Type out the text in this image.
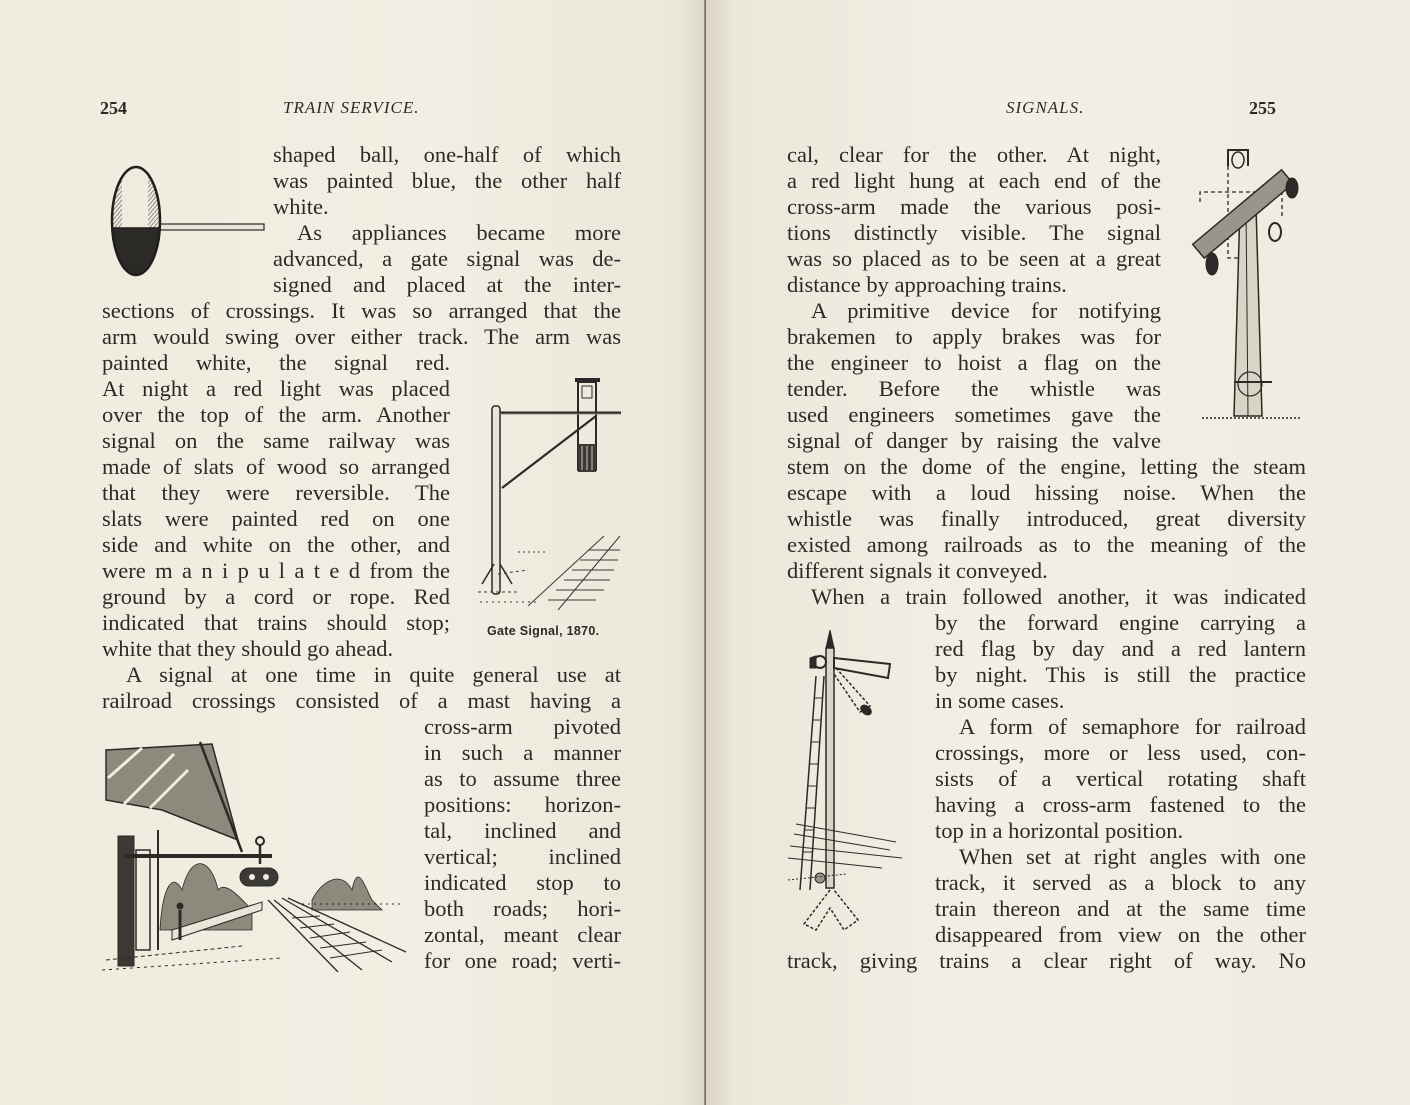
254	TRAIN SERVICE.
shaped ball, one-half of which
was painted blue, the other half
white.
As appliances became more
advanced, a gate signal was de-
signed and placed at the inter-
sections of crossings. It was so arranged that the
arm would swing over either track. The arm was
painted white, the signal red.
At night a red light was placed
over the top of the arm. Another
signal on the same railway was
made of slats of wood so arranged
that they were reversible. The
slats were painted red on one
side and white on the other, and
were m a n i p u l a t e d from the
ground by a cord or rope. Red
indicated that trains should stop;
white that they should go ahead.
A signal at one time in quite general use at
railroad crossings consisted of a mast having a
cross-arm pivoted
in such a manner
as to assume three
positions: horizon-
tal, inclined and
vertical; inclined
indicated stop to
both roads; hori-
zontal, meant clear
for one road; verti-
Gate Signal, 1870.
SIGNALS.	255
cal, clear for the other. At night,
a red light hung at each end of the
cross-arm made the various posi-
tions distinctly visible. The signal
was so placed as to be seen at a great
distance by approaching trains.
A primitive device for notifying
brakemen to apply brakes was for
the engineer to hoist a flag on the
tender. Before the whistle was
used engineers sometimes gave the
signal of danger by raising the valve
stem on the dome of the engine, letting the steam
escape with a loud hissing noise. When the
whistle was finally introduced, great diversity
existed among railroads as to the meaning of the
different signals it conveyed.
When a train followed another, it was indicated
by the forward engine carrying a
red flag by day and a red lantern
by night. This is still the practice
in some cases.
A form of semaphore for railroad
crossings, more or less used, con-
sists of a vertical rotating shaft
having a cross-arm fastened to the
top in a horizontal position.
When set at right angles with one
track, it served as a block to any
train thereon and at the same time
disappeared from view on the other
track, giving trains a clear right of way. No
